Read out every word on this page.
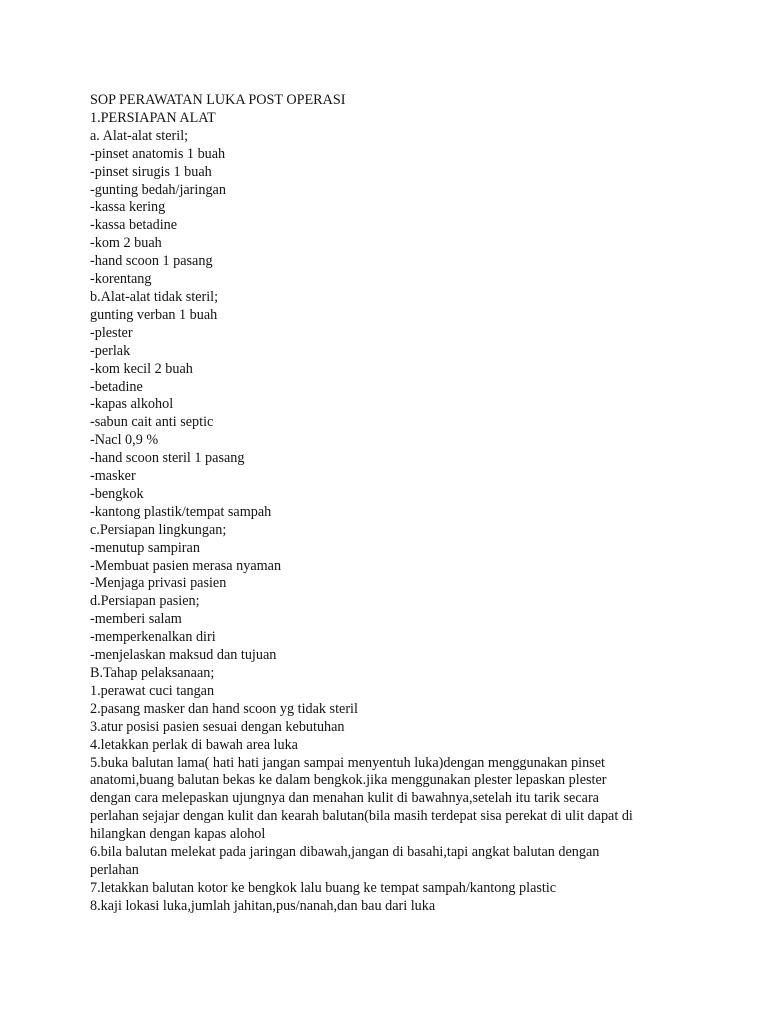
SOP PERAWATAN LUKA POST OPERASI
1.PERSIAPAN ALAT
a. Alat-alat steril;
-pinset anatomis 1 buah
-pinset sirugis 1 buah
-gunting bedah/jaringan
-kassa kering
-kassa betadine
-kom 2 buah
-hand scoon 1 pasang
-korentang
b.Alat-alat tidak steril;
gunting verban 1 buah
-plester
-perlak
-kom kecil 2 buah
-betadine
-kapas alkohol
-sabun cait anti septic
-Nacl 0,9 %
-hand scoon steril 1 pasang
-masker
-bengkok
-kantong plastik/tempat sampah
c.Persiapan lingkungan;
-menutup sampiran
-Membuat pasien merasa nyaman
-Menjaga privasi pasien
d.Persiapan pasien;
-memberi salam
-memperkenalkan diri
-menjelaskan maksud dan tujuan
B.Tahap pelaksanaan;
1.perawat cuci tangan
2.pasang masker dan hand scoon yg tidak steril
3.atur posisi pasien sesuai dengan kebutuhan
4.letakkan perlak di bawah area luka
5.buka balutan lama( hati hati jangan sampai menyentuh luka)dengan menggunakan pinset
anatomi,buang balutan bekas ke dalam bengkok.jika menggunakan plester lepaskan plester
dengan cara melepaskan ujungnya dan menahan kulit di bawahnya,setelah itu tarik secara
perlahan sejajar dengan kulit dan kearah balutan(bila masih terdepat sisa perekat di ulit dapat di
hilangkan dengan kapas alohol
6.bila balutan melekat pada jaringan dibawah,jangan di basahi,tapi angkat balutan dengan
perlahan
7.letakkan balutan kotor ke bengkok lalu buang ke tempat sampah/kantong plastic
8.kaji lokasi luka,jumlah jahitan,pus/nanah,dan bau dari luka
